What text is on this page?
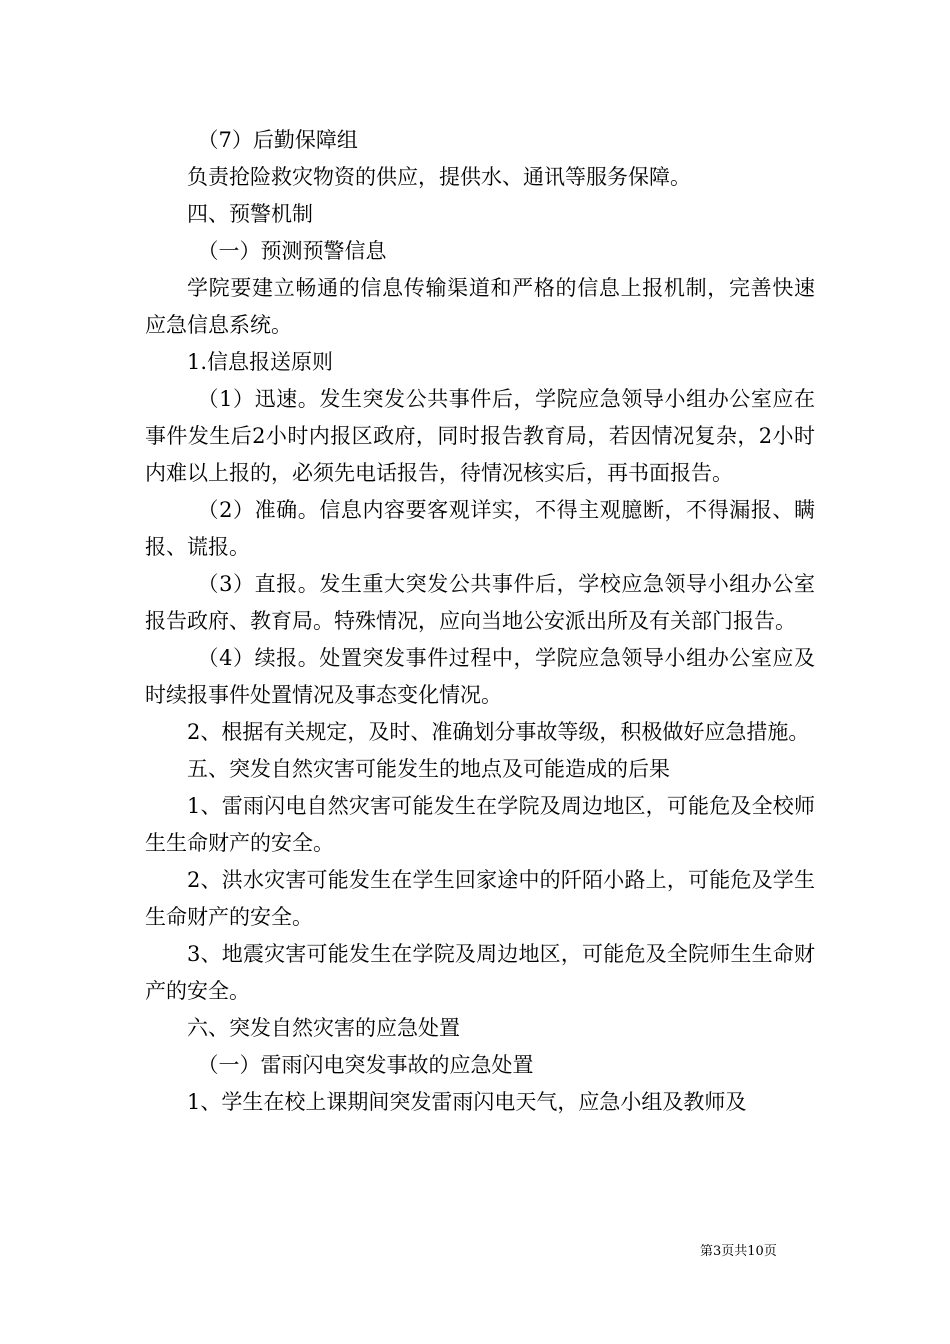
（7）后勤保障组

负责抢险救灾物资的供应，提供水、通讯等服务保障。

四、预警机制

（一）预测预警信息

学院要建立畅通的信息传输渠道和严格的信息上报机制，完善快速应急信息系统。

1.信息报送原则

（1）迅速。发生突发公共事件后，学院应急领导小组办公室应在事件发生后2小时内报区政府，同时报告教育局，若因情况复杂，2小时内难以上报的，必须先电话报告，待情况核实后，再书面报告。

（2）准确。信息内容要客观详实，不得主观臆断，不得漏报、瞒报、谎报。

（3）直报。发生重大突发公共事件后，学校应急领导小组办公室报告政府、教育局。特殊情况，应向当地公安派出所及有关部门报告。

（4）续报。处置突发事件过程中，学院应急领导小组办公室应及时续报事件处置情况及事态变化情况。

2、根据有关规定，及时、准确划分事故等级，积极做好应急措施。

五、突发自然灾害可能发生的地点及可能造成的后果

1、雷雨闪电自然灾害可能发生在学院及周边地区，可能危及全校师生生命财产的安全。

2、洪水灾害可能发生在学生回家途中的阡陌小路上，可能危及学生生命财产的安全。

3、地震灾害可能发生在学院及周边地区，可能危及全院师生生命财产的安全。

六、突发自然灾害的应急处置

（一）雷雨闪电突发事故的应急处置

1、学生在校上课期间突发雷雨闪电天气，应急小组及教师及

第3页共10页
